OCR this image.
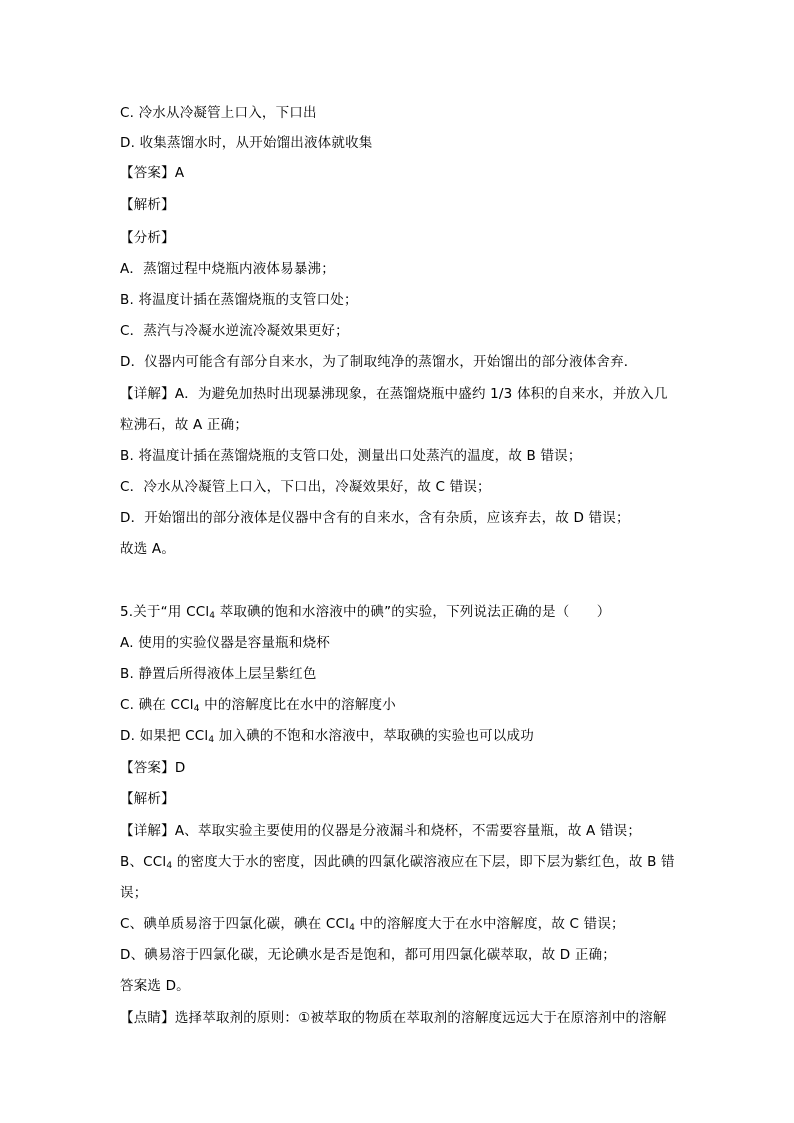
C. 冷水从冷凝管上口入，下口出
D. 收集蒸馏水时，从开始馏出液体就收集
【答案】A
【解析】
【分析】
A．蒸馏过程中烧瓶内液体易暴沸；
B. 将温度计插在蒸馏烧瓶的支管口处；
C．蒸汽与冷凝水逆流冷凝效果更好；
D．仪器内可能含有部分自来水，为了制取纯净的蒸馏水，开始馏出的部分液体舍弃．
【详解】A．为避免加热时出现暴沸现象，在蒸馏烧瓶中盛约 1/3 体积的自来水，并放入几
粒沸石，故 A 正确；
B. 将温度计插在蒸馏烧瓶的支管口处，测量出口处蒸汽的温度，故 B 错误；
C．冷水从冷凝管上口入，下口出，冷凝效果好，故 C 错误；
D．开始馏出的部分液体是仪器中含有的自来水，含有杂质，应该弃去，故 D 错误；
故选 A。
5.关于“用 CCl$_4$ 萃取碘的饱和水溶液中的碘”的实验，下列说法正确的是（　　）
A. 使用的实验仪器是容量瓶和烧杯
B. 静置后所得液体上层呈紫红色
C. 碘在 CCl$_4$ 中的溶解度比在水中的溶解度小
D. 如果把 CCl$_4$ 加入碘的不饱和水溶液中，萃取碘的实验也可以成功
【答案】D
【解析】
【详解】A、萃取实验主要使用的仪器是分液漏斗和烧杯，不需要容量瓶，故 A 错误；
B、CCl$_4$ 的密度大于水的密度，因此碘的四氯化碳溶液应在下层，即下层为紫红色，故 B 错
误；
C、碘单质易溶于四氯化碳，碘在 CCl$_4$ 中的溶解度大于在水中溶解度，故 C 错误；
D、碘易溶于四氯化碳，无论碘水是否是饱和，都可用四氯化碳萃取，故 D 正确；
答案选 D。
【点睛】选择萃取剂的原则：①被萃取的物质在萃取剂的溶解度远远大于在原溶剂中的溶解
